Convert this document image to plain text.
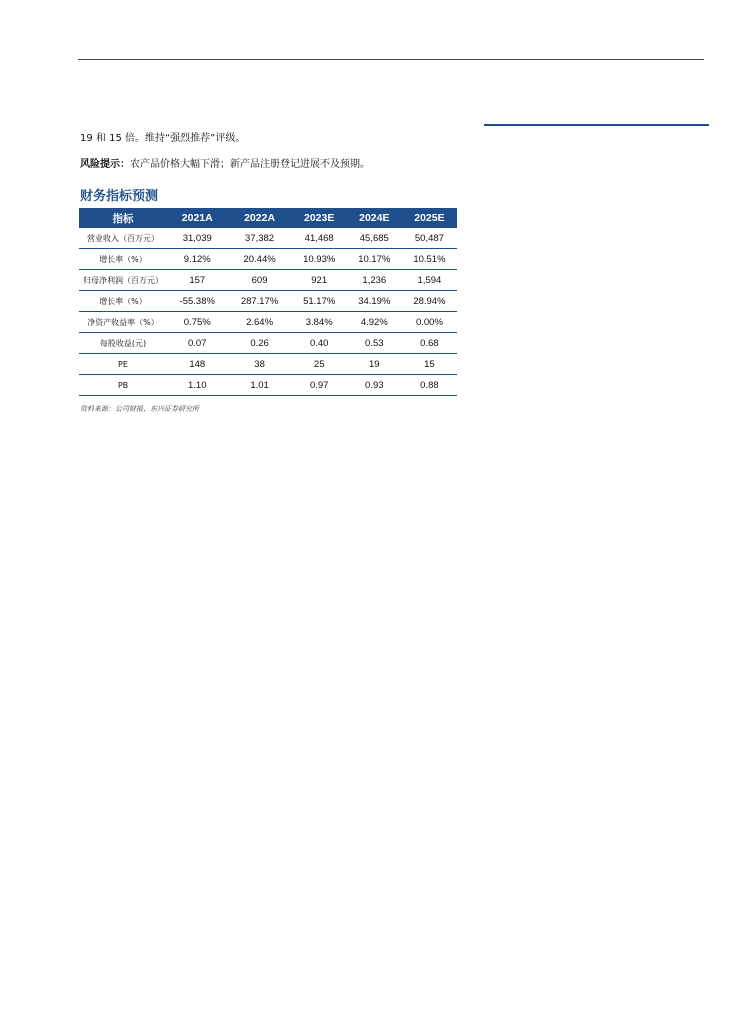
19 和 15 倍。维持“强烈推荐”评级。
风险提示：农产品价格大幅下滑；新产品注册登记进展不及预期。
财务指标预测
指标	2021A	2022A	2023E	2024E	2025E
营业收入（百万元）	31,039	37,382	41,468	45,685	50,487
增长率（%）	9.12%	20.44%	10.93%	10.17%	10.51%
归母净利润（百万元）	157	609	921	1,236	1,594
增长率（%）	-55.38%	287.17%	51.17%	34.19%	28.94%
净资产收益率（%）	0.75%	2.64%	3.84%	4.92%	0.00%
每股收益(元)	0.07	0.26	0.40	0.53	0.68
PE	148	38	25	19	15
PB	1.10	1.01	0.97	0.93	0.88
资料来源：公司财报、东兴证券研究所
